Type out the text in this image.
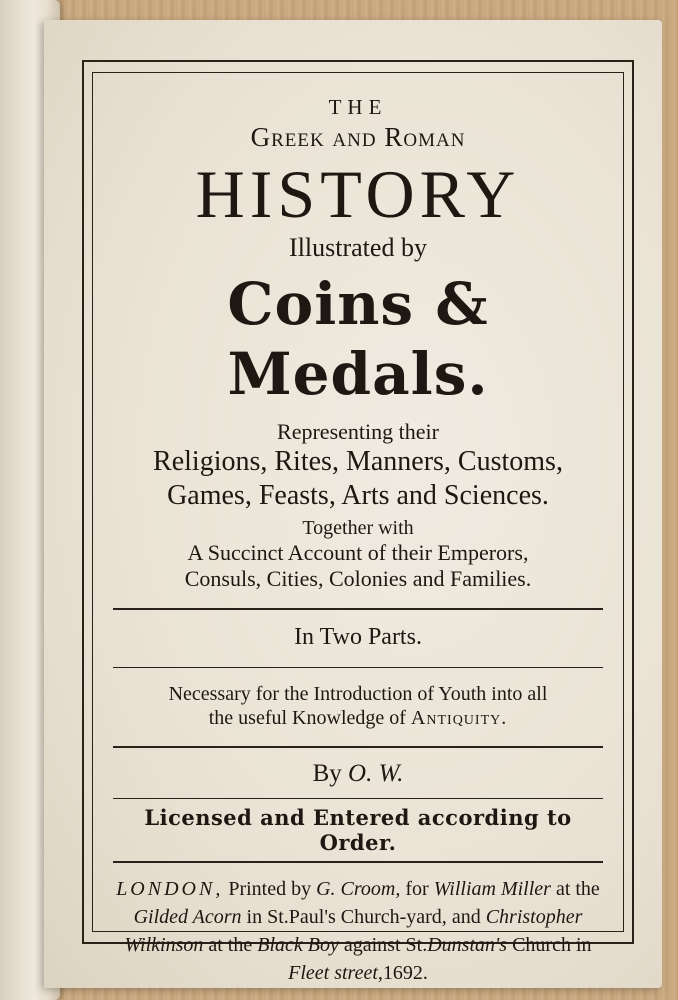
THE
Greek and Roman
HISTORY
Illustrated by
Coins & Medals.
Representing their
Religions, Rites, Manners, Customs,
Games, Feasts, Arts and Sciences.
Together with
A Succinct Account of their Emperors,
Consuls, Cities, Colonies and Families.
In Two Parts.
Necessary for the Introduction of Youth into all
the useful Knowledge of Antiquity.
By O. W.
Licensed and Entered according to Order.
LONDON, Printed by G. Croom, for William Miller at the Gilded Acorn in St.Paul's Church-yard, and Christopher Wilkinson at the Black Boy against St.Dunstan's Church in Fleet street,1692.
